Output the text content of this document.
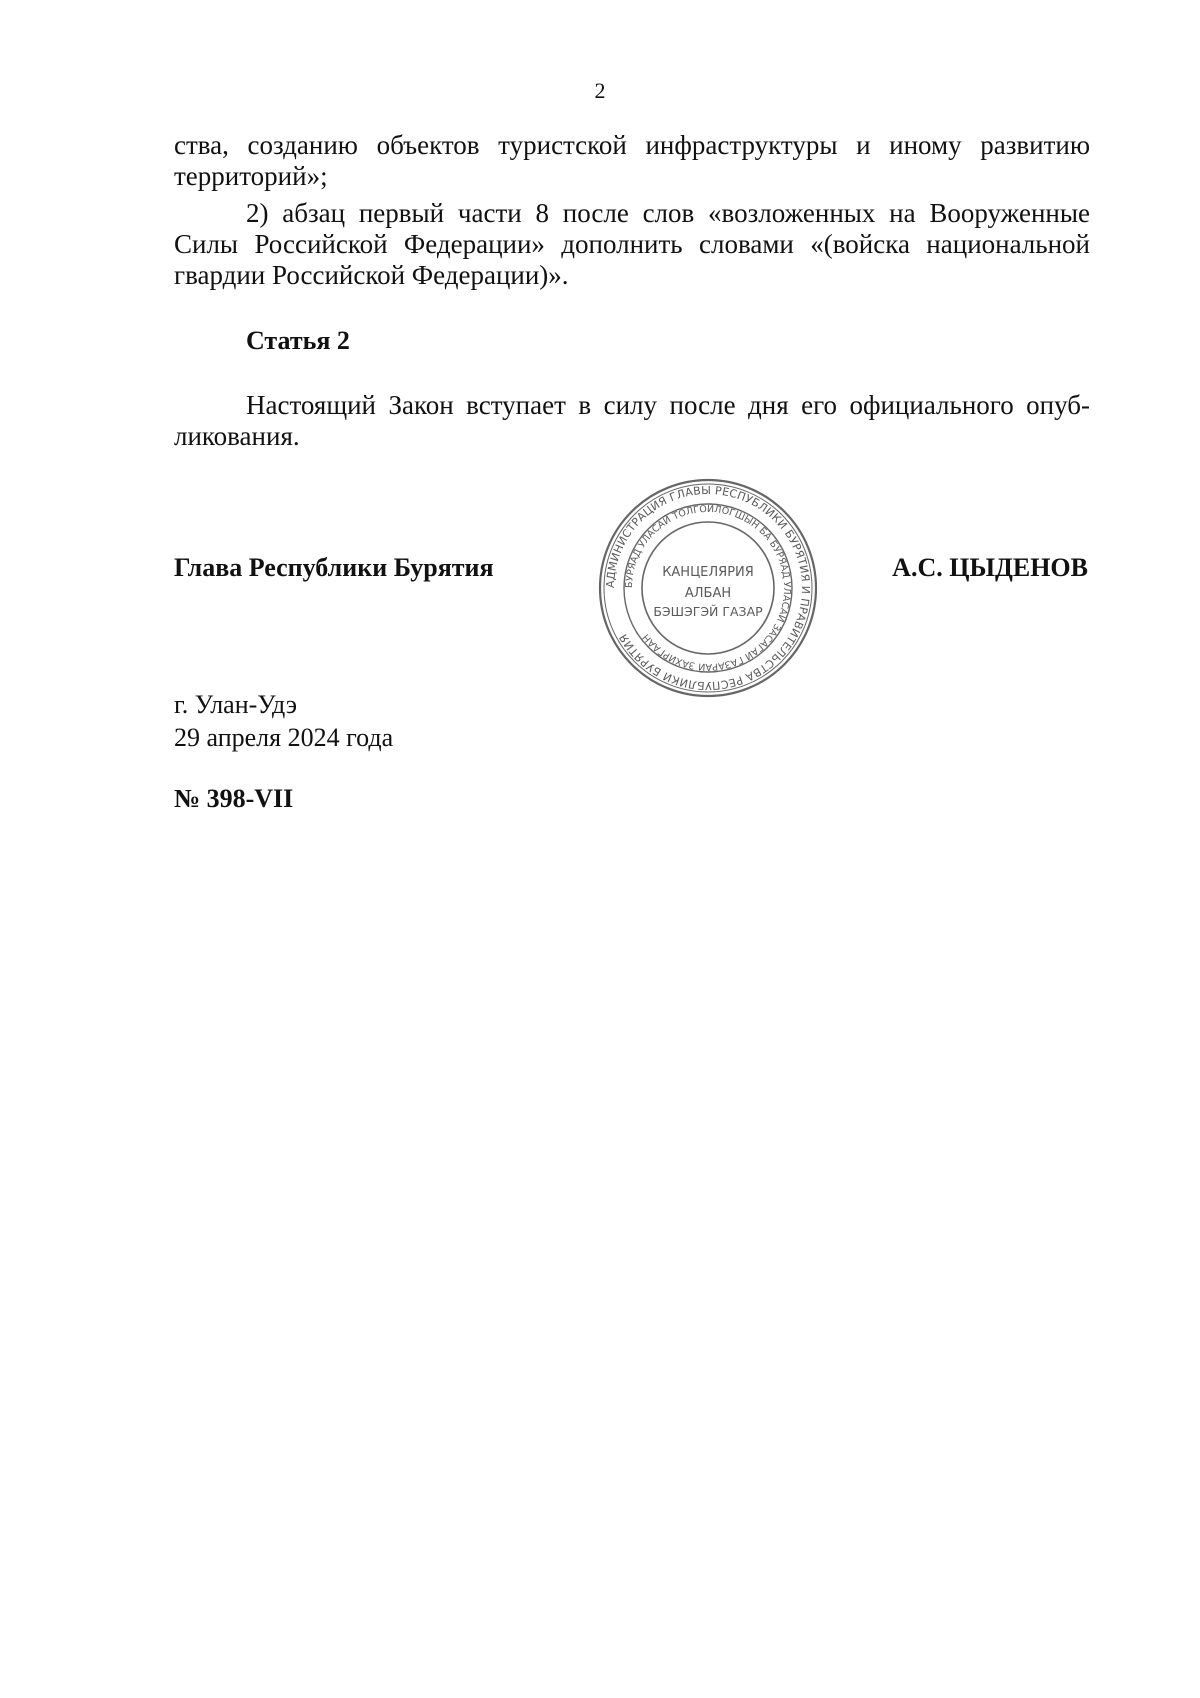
2
ства, созданию объектов туристской инфраструктуры и иному развитию
территорий»;
2) абзац первый части 8 после слов «возложенных на Вооруженные
Силы Российской Федерации» дополнить словами «(войска национальной
гвардии Российской Федерации)».
Статья 2
Настоящий Закон вступает в силу после дня его официального опуб-
ликования.
Глава Республики Бурятия	А.С. ЦЫДЕНОВ
АДМИНИСТРАЦИЯ ГЛАВЫ РЕСПУБЛИКИ БУРЯТИЯ И ПРАВИТЕЛЬСТВА РЕСПУБЛИКИ БУРЯТИЯ
БУРЯАД УЛАСАЙ ТОЛГОЙЛОГШЫН БА БУРЯАД УЛАСАЙ ЗАСАГАЙ ГАЗАРАЙ ЗАХИРГААН
КАНЦЕЛЯРИЯ
АЛБАН
БЭШЭГЭЙ ГАЗАР
г. Улан-Удэ
29 апреля 2024 года
№ 398-VII
